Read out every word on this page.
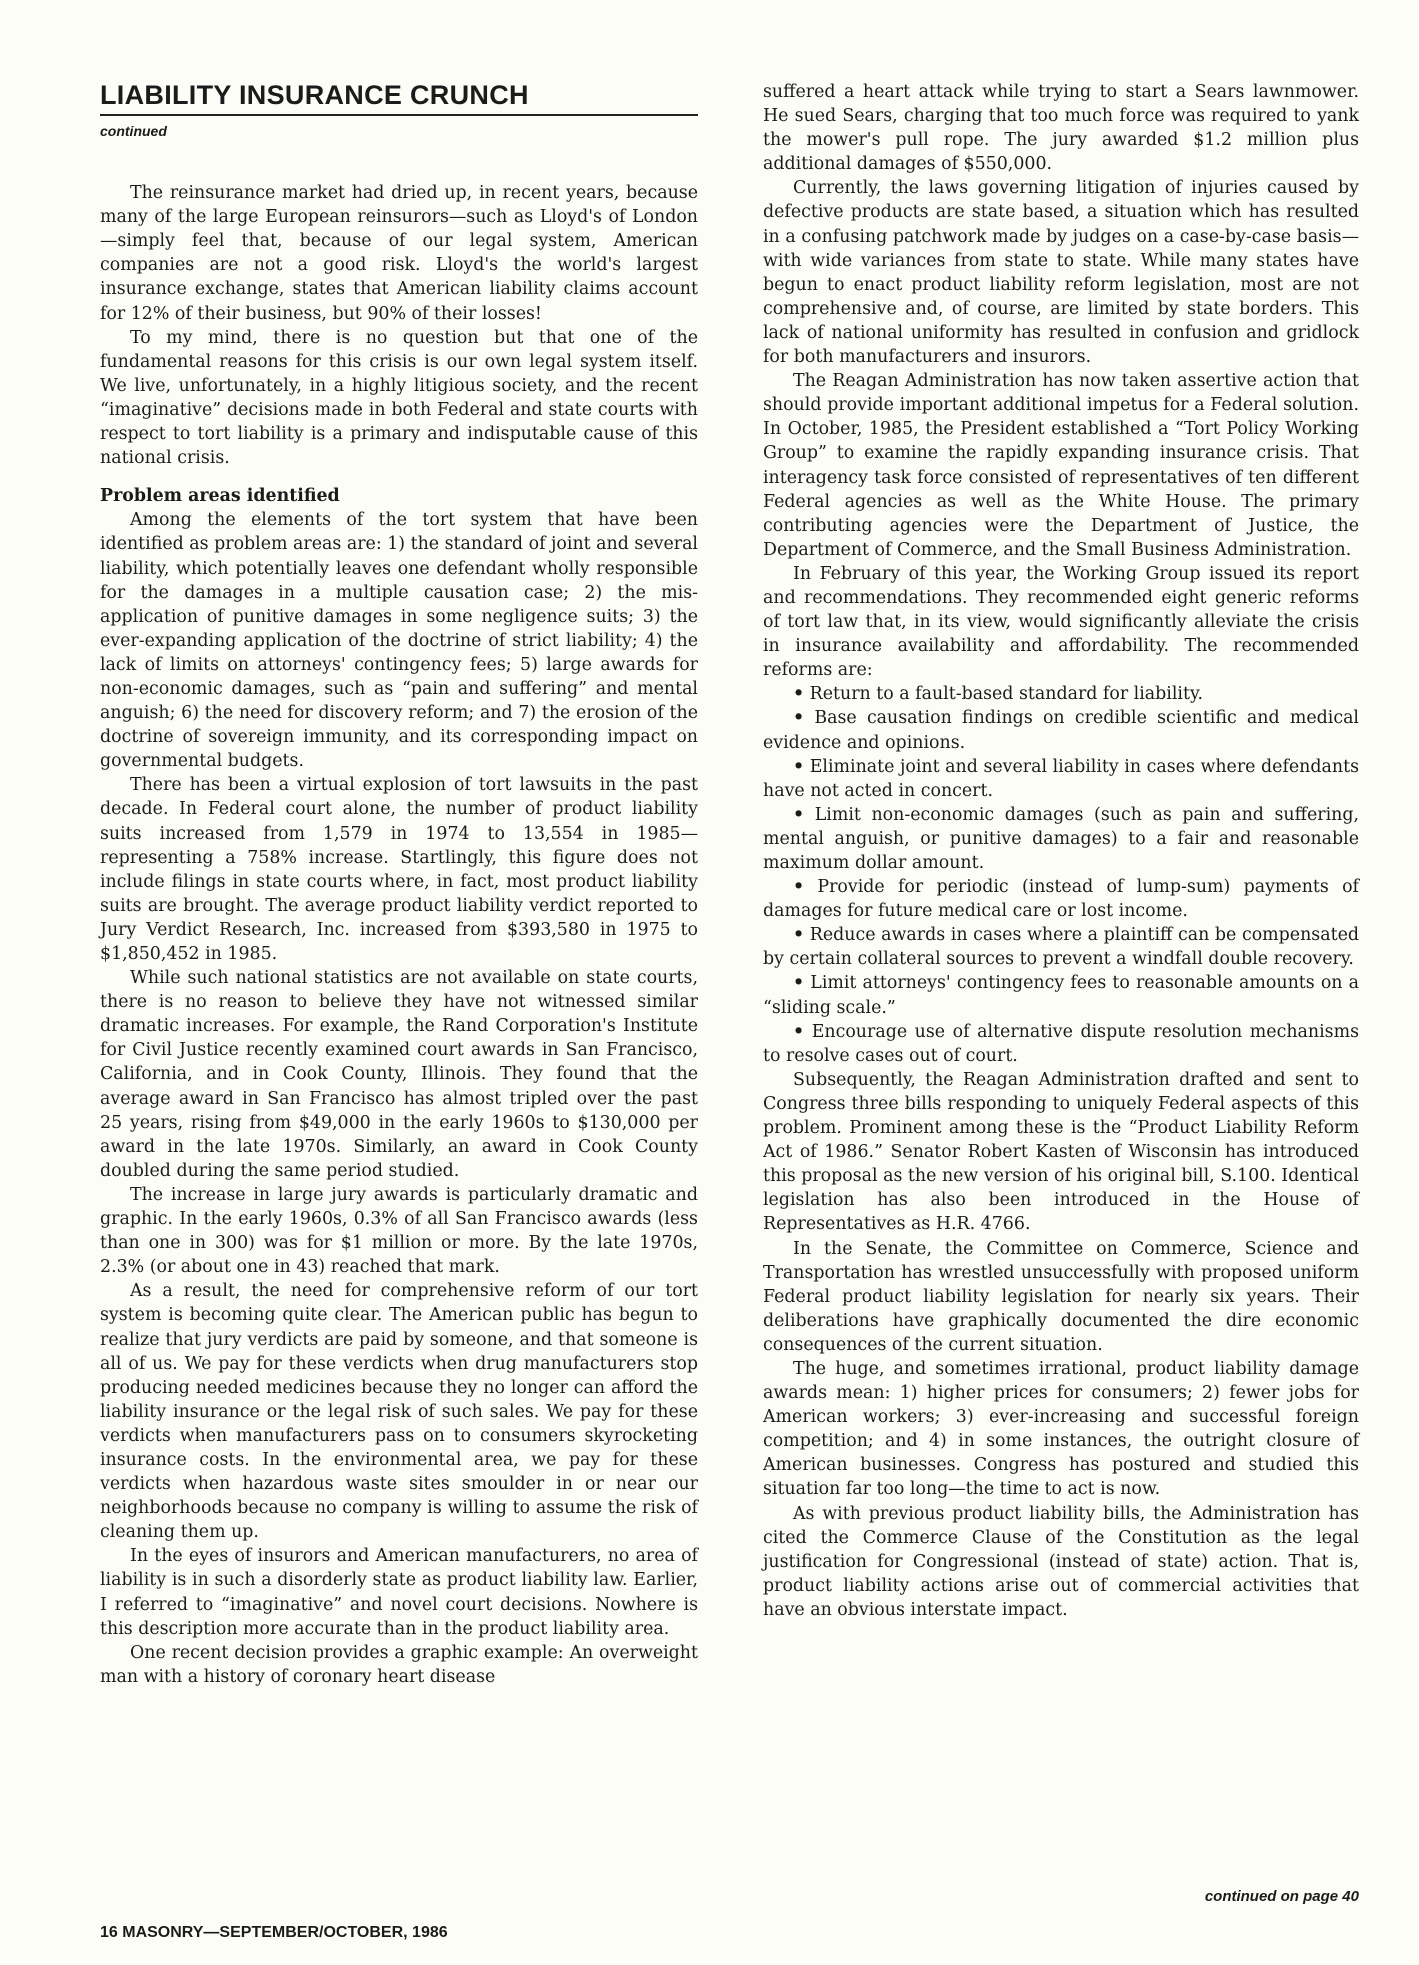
LIABILITY INSURANCE CRUNCH
continued

The reinsurance market had dried up, in recent years, because many of the large European reinsurors—such as Lloyd's of London—simply feel that, because of our legal system, American companies are not a good risk. Lloyd's the world's largest insurance exchange, states that American liability claims account for 12% of their business, but 90% of their losses!

To my mind, there is no question but that one of the fundamental reasons for this crisis is our own legal system itself. We live, unfortunately, in a highly litigious society, and the recent “imaginative” decisions made in both Federal and state courts with respect to tort liability is a primary and indisputable cause of this national crisis.

Problem areas identified

Among the elements of the tort system that have been identified as problem areas are: 1) the standard of joint and several liability, which potentially leaves one defendant wholly responsible for the damages in a multiple causation case; 2) the mis-application of punitive damages in some negligence suits; 3) the ever-expanding application of the doctrine of strict liability; 4) the lack of limits on attorneys' contingency fees; 5) large awards for non-economic damages, such as “pain and suffering” and mental anguish; 6) the need for discovery reform; and 7) the erosion of the doctrine of sovereign immunity, and its corresponding impact on governmental budgets.

There has been a virtual explosion of tort lawsuits in the past decade. In Federal court alone, the number of product liability suits increased from 1,579 in 1974 to 13,554 in 1985—representing a 758% increase. Startlingly, this figure does not include filings in state courts where, in fact, most product liability suits are brought. The average product liability verdict reported to Jury Verdict Research, Inc. increased from $393,580 in 1975 to $1,850,452 in 1985.

While such national statistics are not available on state courts, there is no reason to believe they have not witnessed similar dramatic increases. For example, the Rand Corporation's Institute for Civil Justice recently examined court awards in San Francisco, California, and in Cook County, Illinois. They found that the average award in San Francisco has almost tripled over the past 25 years, rising from $49,000 in the early 1960s to $130,000 per award in the late 1970s. Similarly, an award in Cook County doubled during the same period studied.

The increase in large jury awards is particularly dramatic and graphic. In the early 1960s, 0.3% of all San Francisco awards (less than one in 300) was for $1 million or more. By the late 1970s, 2.3% (or about one in 43) reached that mark.

As a result, the need for comprehensive reform of our tort system is becoming quite clear. The American public has begun to realize that jury verdicts are paid by someone, and that someone is all of us. We pay for these verdicts when drug manufacturers stop producing needed medicines because they no longer can afford the liability insurance or the legal risk of such sales. We pay for these verdicts when manufacturers pass on to consumers skyrocketing insurance costs. In the environmental area, we pay for these verdicts when hazardous waste sites smoulder in or near our neighborhoods because no company is willing to assume the risk of cleaning them up.

In the eyes of insurors and American manufacturers, no area of liability is in such a disorderly state as product liability law. Earlier, I referred to “imaginative” and novel court decisions. Nowhere is this description more accurate than in the product liability area.

One recent decision provides a graphic example: An overweight man with a history of coronary heart disease

suffered a heart attack while trying to start a Sears lawnmower. He sued Sears, charging that too much force was required to yank the mower's pull rope. The jury awarded $1.2 million plus additional damages of $550,000.

Currently, the laws governing litigation of injuries caused by defective products are state based, a situation which has resulted in a confusing patchwork made by judges on a case-by-case basis—with wide variances from state to state. While many states have begun to enact product liability reform legislation, most are not comprehensive and, of course, are limited by state borders. This lack of national uniformity has resulted in confusion and gridlock for both manufacturers and insurors.

The Reagan Administration has now taken assertive action that should provide important additional impetus for a Federal solution. In October, 1985, the President established a “Tort Policy Working Group” to examine the rapidly expanding insurance crisis. That interagency task force consisted of representatives of ten different Federal agencies as well as the White House. The primary contributing agencies were the Department of Justice, the Department of Commerce, and the Small Business Administration.

In February of this year, the Working Group issued its report and recommendations. They recommended eight generic reforms of tort law that, in its view, would significantly alleviate the crisis in insurance availability and affordability. The recommended reforms are:

• Return to a fault-based standard for liability.

• Base causation findings on credible scientific and medical evidence and opinions.

• Eliminate joint and several liability in cases where defendants have not acted in concert.

• Limit non-economic damages (such as pain and suffering, mental anguish, or punitive damages) to a fair and reasonable maximum dollar amount.

• Provide for periodic (instead of lump-sum) payments of damages for future medical care or lost income.

• Reduce awards in cases where a plaintiff can be compensated by certain collateral sources to prevent a windfall double recovery.

• Limit attorneys' contingency fees to reasonable amounts on a “sliding scale.”

• Encourage use of alternative dispute resolution mechanisms to resolve cases out of court.

Subsequently, the Reagan Administration drafted and sent to Congress three bills responding to uniquely Federal aspects of this problem. Prominent among these is the “Product Liability Reform Act of 1986.” Senator Robert Kasten of Wisconsin has introduced this proposal as the new version of his original bill, S.100. Identical legislation has also been introduced in the House of Representatives as H.R. 4766.

In the Senate, the Committee on Commerce, Science and Transportation has wrestled unsuccessfully with proposed uniform Federal product liability legislation for nearly six years. Their deliberations have graphically documented the dire economic consequences of the current situation.

The huge, and sometimes irrational, product liability damage awards mean: 1) higher prices for consumers; 2) fewer jobs for American workers; 3) ever-increasing and successful foreign competition; and 4) in some instances, the outright closure of American businesses. Congress has postured and studied this situation far too long—the time to act is now.

As with previous product liability bills, the Administration has cited the Commerce Clause of the Constitution as the legal justification for Congressional (instead of state) action. That is, product liability actions arise out of commercial activities that have an obvious interstate impact.

continued on page 40
16 MASONRY—SEPTEMBER/OCTOBER, 1986
